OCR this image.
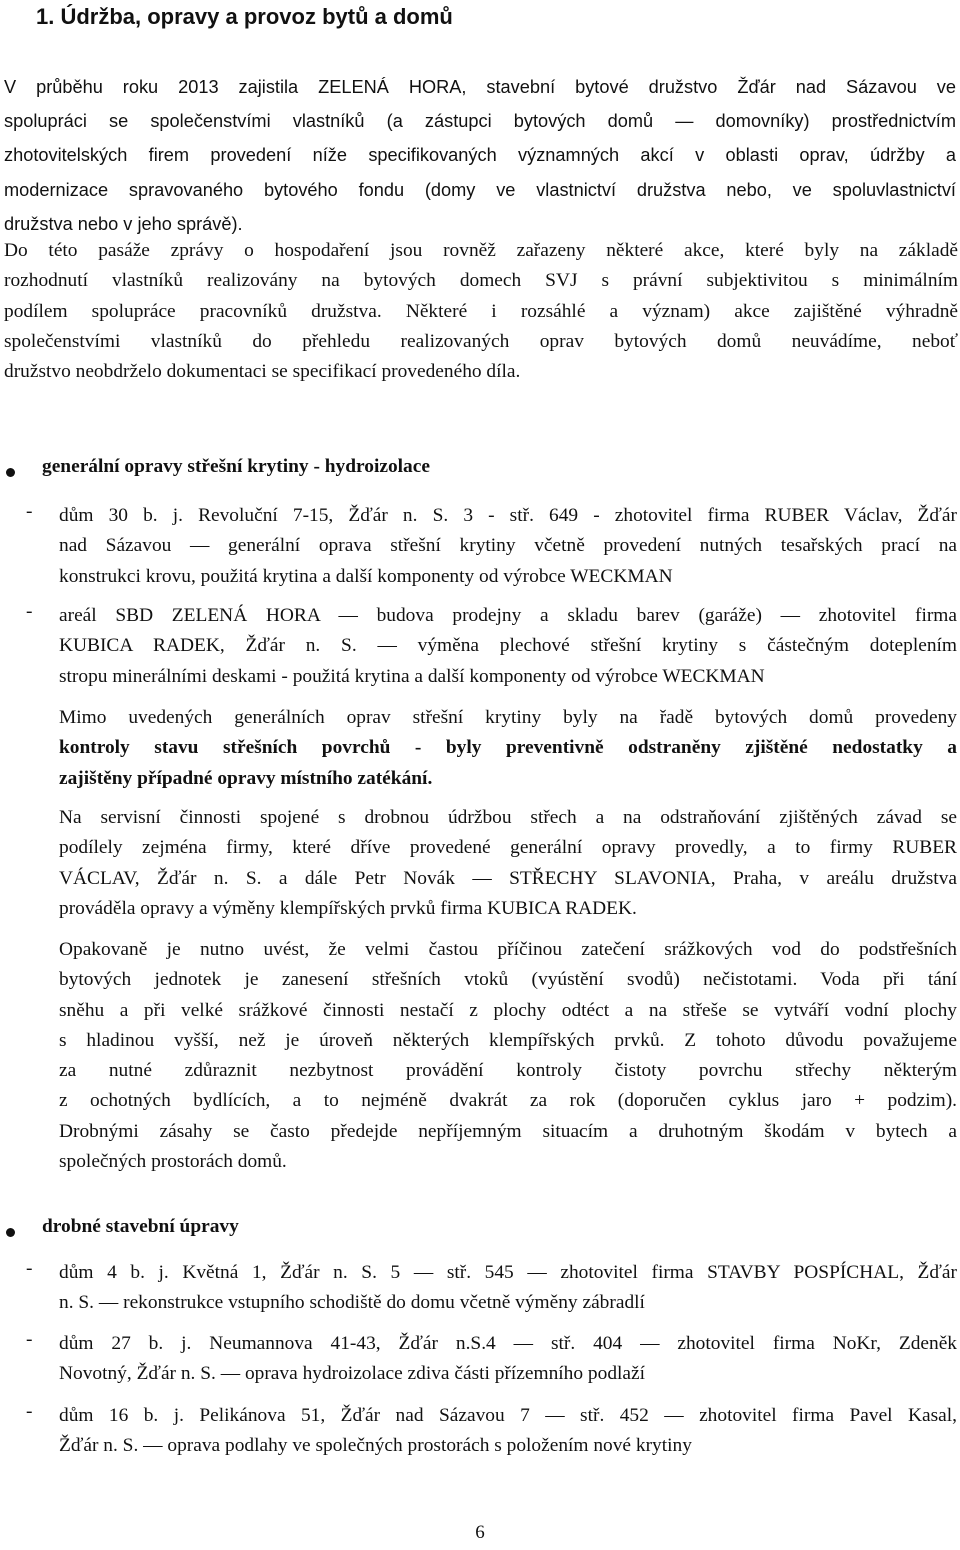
1. Údržba, opravy a provoz bytů a domů
V průběhu roku 2013 zajistila ZELENÁ HORA, stavební bytové družstvo Žďár nad Sázavou ve
spolupráci se společenstvími vlastníků (a zástupci bytových domů — domovníky) prostřednictvím
zhotovitelských firem provedení níže specifikovaných významných akcí v oblasti oprav, údržby a
modernizace spravovaného bytového fondu (domy ve vlastnictví družstva nebo, ve spoluvlastnictví
družstva nebo v jeho správě).
Do této pasáže zprávy o hospodaření jsou rovněž zařazeny některé akce, které byly na základě
rozhodnutí vlastníků realizovány na bytových domech SVJ s právní subjektivitou s minimálním
podílem spolupráce pracovníků družstva. Některé i rozsáhlé a význam) akce zajištěné výhradně
společenstvími vlastníků do přehledu realizovaných oprav bytových domů neuvádíme, neboť
družstvo neobdrželo dokumentaci se specifikací provedeného díla.
generální opravy střešní krytiny - hydroizolace
- dům 30 b. j. Revoluční 7-15, Žďár n. S. 3 - stř. 649 - zhotovitel firma RUBER Václav, Žďár
nad Sázavou — generální oprava střešní krytiny včetně provedení nutných tesařských prací na
konstrukci krovu, použitá krytina a další komponenty od výrobce WECKMAN
- areál SBD ZELENÁ HORA — budova prodejny a skladu barev (garáže) — zhotovitel firma
KUBICA RADEK, Žďár n. S. — výměna plechové střešní krytiny s částečným doteplením
stropu minerálními deskami - použitá krytina a další komponenty od výrobce WECKMAN
Mimo uvedených generálních oprav střešní krytiny byly na řadě bytových domů provedeny
kontroly stavu střešních povrchů - byly preventivně odstraněny zjištěné nedostatky a
zajištěny případné opravy místního zatékání.
Na servisní činnosti spojené s drobnou údržbou střech a na odstraňování zjištěných závad se
podílely zejména firmy, které dříve provedené generální opravy provedly, a to firmy RUBER
VÁCLAV, Žďár n. S. a dále Petr Novák — STŘECHY SLAVONIA, Praha, v areálu družstva
prováděla opravy a výměny klempířských prvků firma KUBICA RADEK.
Opakovaně je nutno uvést, že velmi častou příčinou zatečení srážkových vod do podstřešních
bytových jednotek je zanesení střešních vtoků (vyústění svodů) nečistotami. Voda při tání
sněhu a při velké srážkové činnosti nestačí z plochy odtéct a na střeše se vytváří vodní plochy
s hladinou vyšší, než je úroveň některých klempířských prvků. Z tohoto důvodu považujeme
za nutné zdůraznit nezbytnost provádění kontroly čistoty povrchu střechy některým
z ochotných bydlících, a to nejméně dvakrát za rok (doporučen cyklus jaro + podzim).
Drobnými zásahy se často předejde nepříjemným situacím a druhotným škodám v bytech a
společných prostorách domů.
drobné stavební úpravy
- dům 4 b. j. Květná 1, Žďár n. S. 5 — stř. 545 — zhotovitel firma STAVBY POSPÍCHAL, Žďár
n. S. — rekonstrukce vstupního schodiště do domu včetně výměny zábradlí
- dům 27 b. j. Neumannova 41-43, Žďár n.S.4 — stř. 404 — zhotovitel firma NoKr, Zdeněk
Novotný, Žďár n. S. — oprava hydroizolace zdiva části přízemního podlaží
- dům 16 b. j. Pelikánova 51, Žďár nad Sázavou 7 — stř. 452 — zhotovitel firma Pavel Kasal,
Žďár n. S. — oprava podlahy ve společných prostorách s položením nové krytiny
6
